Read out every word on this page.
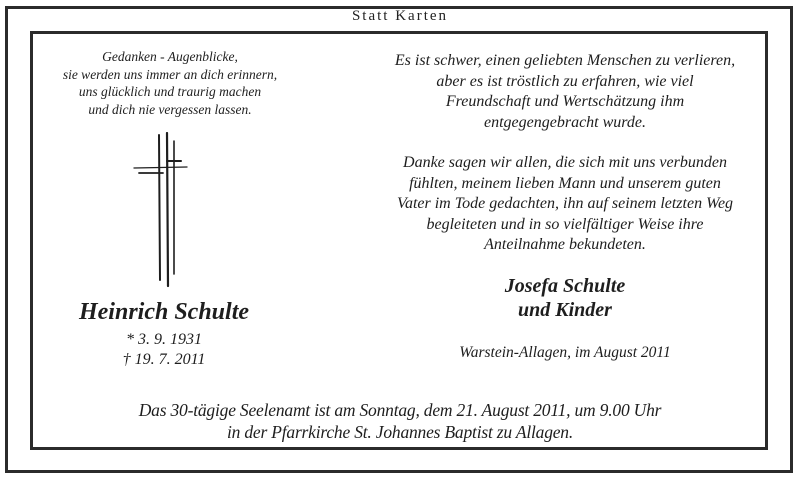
Statt Karten
Gedanken - Augenblicke,
sie werden uns immer an dich erinnern,
uns glücklich und traurig machen
und dich nie vergessen lassen.
Heinrich Schulte
* 3. 9. 1931
† 19. 7. 2011
Es ist schwer, einen geliebten Menschen zu verlieren,
aber es ist tröstlich zu erfahren, wie viel
Freundschaft und Wertschätzung ihm
entgegengebracht wurde.
Danke sagen wir allen, die sich mit uns verbunden
fühlten, meinem lieben Mann und unserem guten
Vater im Tode gedachten, ihn auf seinem letzten Weg
begleiteten und in so vielfältiger Weise ihre
Anteilnahme bekundeten.
Josefa Schulte
und Kinder
Warstein-Allagen, im August 2011
Das 30-tägige Seelenamt ist am Sonntag, dem 21. August 2011, um 9.00 Uhr
in der Pfarrkirche St. Johannes Baptist zu Allagen.
